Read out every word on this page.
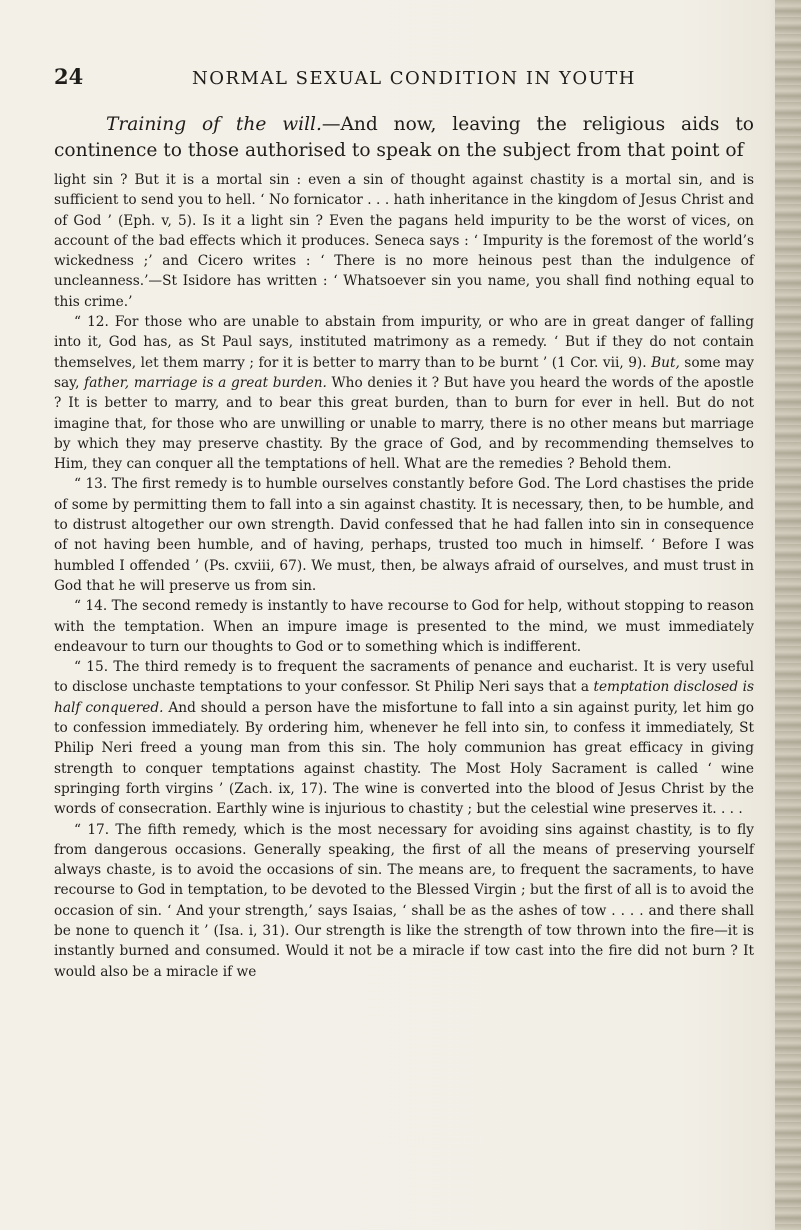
24	NORMAL SEXUAL CONDITION IN YOUTH

Training of the will.—And now, leaving the religious aids to continence to those authorised to speak on the subject from that point of

light sin ? But it is a mortal sin : even a sin of thought against chastity is a mortal sin, and is sufficient to send you to hell. ‘ No fornicator . . . hath inheritance in the kingdom of Jesus Christ and of God ’ (Eph. v, 5). Is it a light sin ? Even the pagans held impurity to be the worst of vices, on account of the bad effects which it produces. Seneca says : ‘ Impurity is the foremost of the world’s wickedness ;’ and Cicero writes : ‘ There is no more heinous pest than the indulgence of uncleanness.’—St Isidore has written : ‘ Whatsoever sin you name, you shall find nothing equal to this crime.’

“ 12. For those who are unable to abstain from impurity, or who are in great danger of falling into it, God has, as St Paul says, instituted matrimony as a remedy. ‘ But if they do not contain themselves, let them marry ; for it is better to marry than to be burnt ’ (1 Cor. vii, 9). But, some may say, father, marriage is a great burden. Who denies it ? But have you heard the words of the apostle ? It is better to marry, and to bear this great burden, than to burn for ever in hell. But do not imagine that, for those who are unwilling or unable to marry, there is no other means but marriage by which they may preserve chastity. By the grace of God, and by recommending themselves to Him, they can conquer all the temptations of hell. What are the remedies ? Behold them.

“ 13. The first remedy is to humble ourselves constantly before God. The Lord chastises the pride of some by permitting them to fall into a sin against chastity. It is necessary, then, to be humble, and to distrust altogether our own strength. David confessed that he had fallen into sin in consequence of not having been humble, and of having, perhaps, trusted too much in himself. ‘ Before I was humbled I offended ’ (Ps. cxviii, 67). We must, then, be always afraid of ourselves, and must trust in God that he will preserve us from sin.

“ 14. The second remedy is instantly to have recourse to God for help, without stopping to reason with the temptation. When an impure image is presented to the mind, we must immediately endeavour to turn our thoughts to God or to something which is indifferent.

“ 15. The third remedy is to frequent the sacraments of penance and eucharist. It is very useful to disclose unchaste temptations to your confessor. St Philip Neri says that a temptation disclosed is half conquered. And should a person have the misfortune to fall into a sin against purity, let him go to confession immediately. By ordering him, whenever he fell into sin, to confess it immediately, St Philip Neri freed a young man from this sin. The holy communion has great efficacy in giving strength to conquer temptations against chastity. The Most Holy Sacrament is called ‘ wine springing forth virgins ’ (Zach. ix, 17). The wine is converted into the blood of Jesus Christ by the words of consecration. Earthly wine is injurious to chastity ; but the celestial wine preserves it. . . .

“ 17. The fifth remedy, which is the most necessary for avoiding sins against chastity, is to fly from dangerous occasions. Generally speaking, the first of all the means of preserving yourself always chaste, is to avoid the occasions of sin. The means are, to frequent the sacraments, to have recourse to God in temptation, to be devoted to the Blessed Virgin ; but the first of all is to avoid the occasion of sin. ‘ And your strength,’ says Isaias, ‘ shall be as the ashes of tow . . . . and there shall be none to quench it ’ (Isa. i, 31). Our strength is like the strength of tow thrown into the fire—it is instantly burned and consumed. Would it not be a miracle if tow cast into the fire did not burn ? It would also be a miracle if we
